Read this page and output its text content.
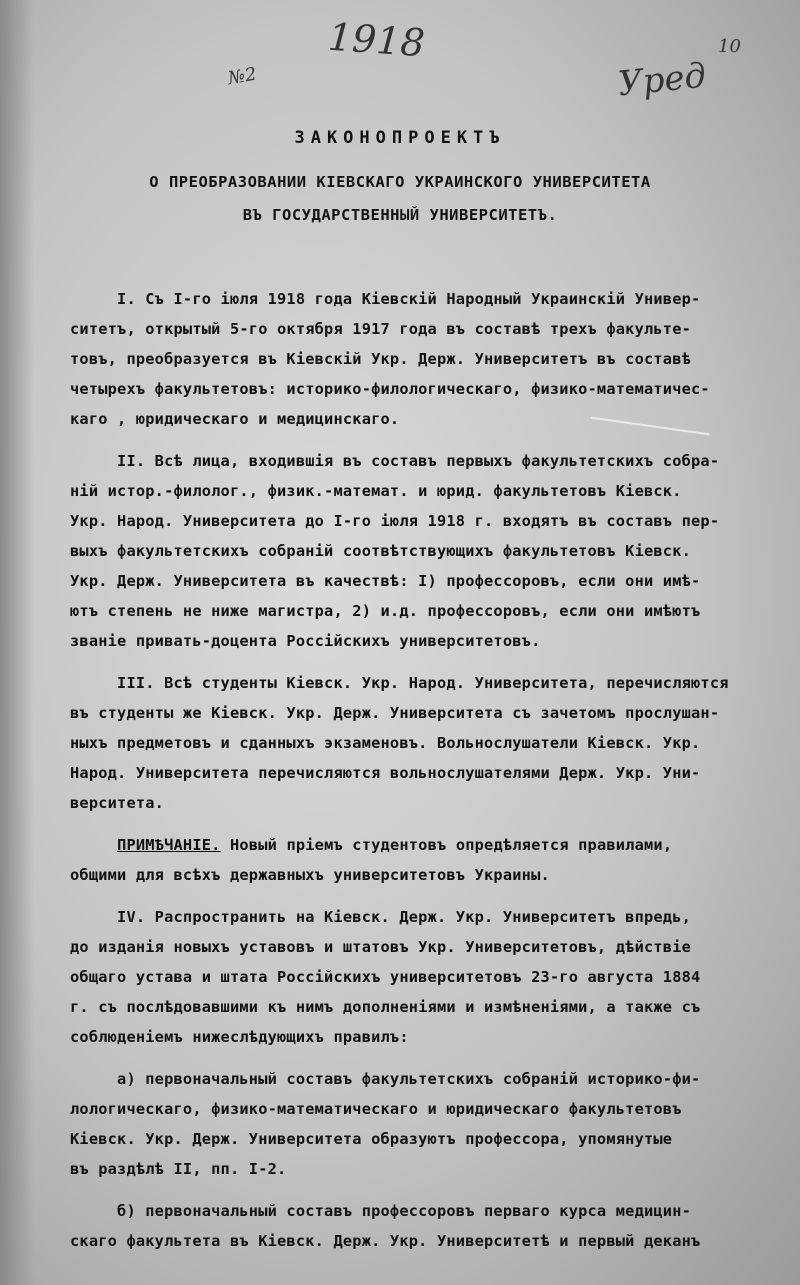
1918	10
Уред
№2
ЗАКОНОПРОЕКТЪ
О ПРЕОБРАЗОВАНИИ КІЕВСКАГО УКРАИНСКОГО УНИВЕРСИТЕТА
ВЪ ГОСУДАРСТВЕННЫЙ УНИВЕРСИТЕТЪ.
I. Съ I-го іюля 1918 года Кіевскій Народный Украинскій Универ-
ситетъ, открытый 5-го октября 1917 года въ составѣ трехъ факульте-
товъ, преобразуется въ Кіевскій Укр. Держ. Университетъ въ составѣ
четырехъ факультетовъ: историко-филологическаго, физико-математичес-
каго , юридическаго и медицинскаго.
II. Всѣ лица, входившія въ составъ первыхъ факультетскихъ собра-
ній истор.-филолог., физик.-математ. и юрид. факультетовъ Кіевск.
Укр. Народ. Университета до I-го іюля 1918 г. входятъ въ составъ пер-
выхъ факультетскихъ собраній соотвѣтствующихъ факультетовъ Кіевск.
Укр. Держ. Университета въ качествѣ: I) профессоровъ, если они имѣ-
ютъ степень не ниже магистра, 2) и.д. профессоровъ, если они имѣютъ
званіе привать-доцента Россійскихъ университетовъ.
III. Всѣ студенты Кіевск. Укр. Народ. Университета, перечисляются
въ студенты же Кіевск. Укр. Держ. Университета съ зачетомъ прослушан-
ныхъ предметовъ и сданныхъ экзаменовъ. Вольнослушатели Кіевск. Укр.
Народ. Университета перечисляются вольнослушателями Держ. Укр. Уни-
верситета.
ПРИМѢЧАНІЕ. Новый пріемъ студентовъ опредѣляется правилами,
общими для всѣхъ державныхъ университетовъ Украины.
IV. Распространить на Кіевск. Держ. Укр. Университетъ впредь,
до изданія новыхъ уставовъ и штатовъ Укр. Университетовъ, дѣйствіе
общаго устава и штата Россійскихъ университетовъ 23-го августа 1884
г. съ послѣдовавшими къ нимъ дополненіями и измѣненіями, а также съ
соблюденіемъ нижеслѣдующихъ правилъ:
а) первоначальный составъ факультетскихъ собраній историко-фи-
лологическаго, физико-математическаго и юридическаго факультетовъ
Кіевск. Укр. Держ. Университета образуютъ профессора, упомянутые
въ раздѣлѣ II, пп. I-2.
б) первоначальный составъ профессоровъ перваго курса медицин-
скаго факультета въ Кіевск. Держ. Укр. Университетѣ и первый деканъ
